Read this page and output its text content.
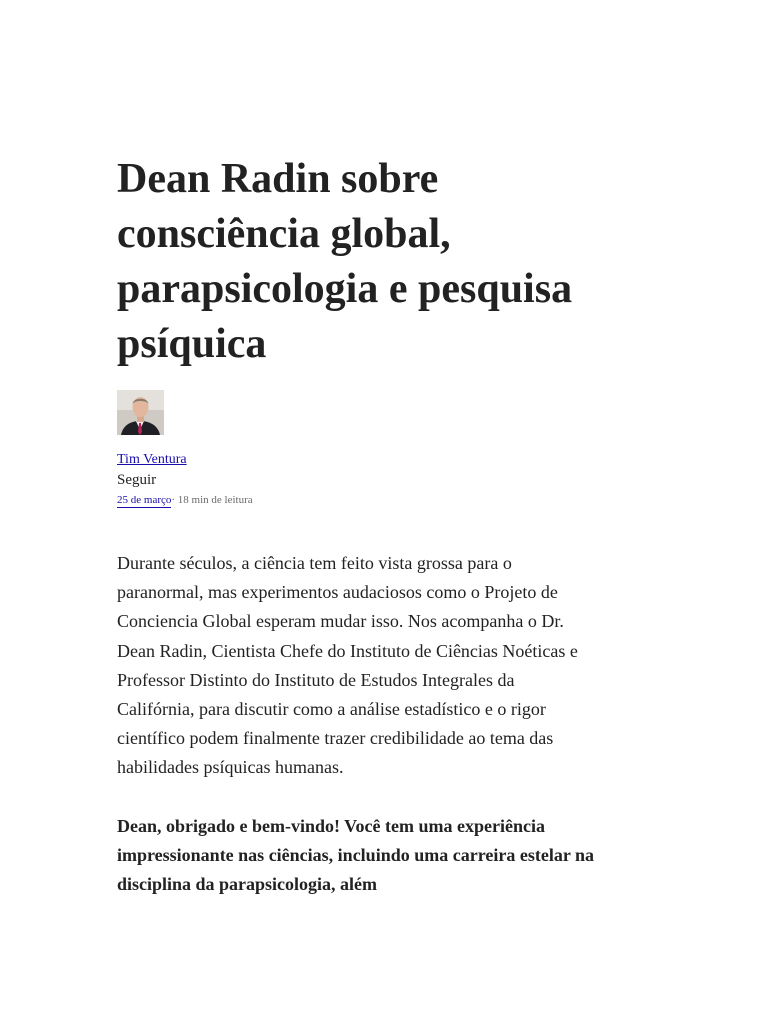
Dean Radin sobre consciência global, parapsicologia e pesquisa psíquica
Tim Ventura
Seguir
25 de março· 18 min de leitura

Durante séculos, a ciência tem feito vista grossa para o paranormal, mas experimentos audaciosos como o Projeto de Conciencia Global esperam mudar isso. Nos acompanha o Dr. Dean Radin, Cientista Chefe do Instituto de Ciências Noéticas e Professor Distinto do Instituto de Estudos Integrales da Califórnia, para discutir como a análise estadístico e o rigor científico podem finalmente trazer credibilidade ao tema das habilidades psíquicas humanas.

Dean, obrigado e bem-vindo! Você tem uma experiência impressionante nas ciências, incluindo uma carreira estelar na disciplina da parapsicologia, além
